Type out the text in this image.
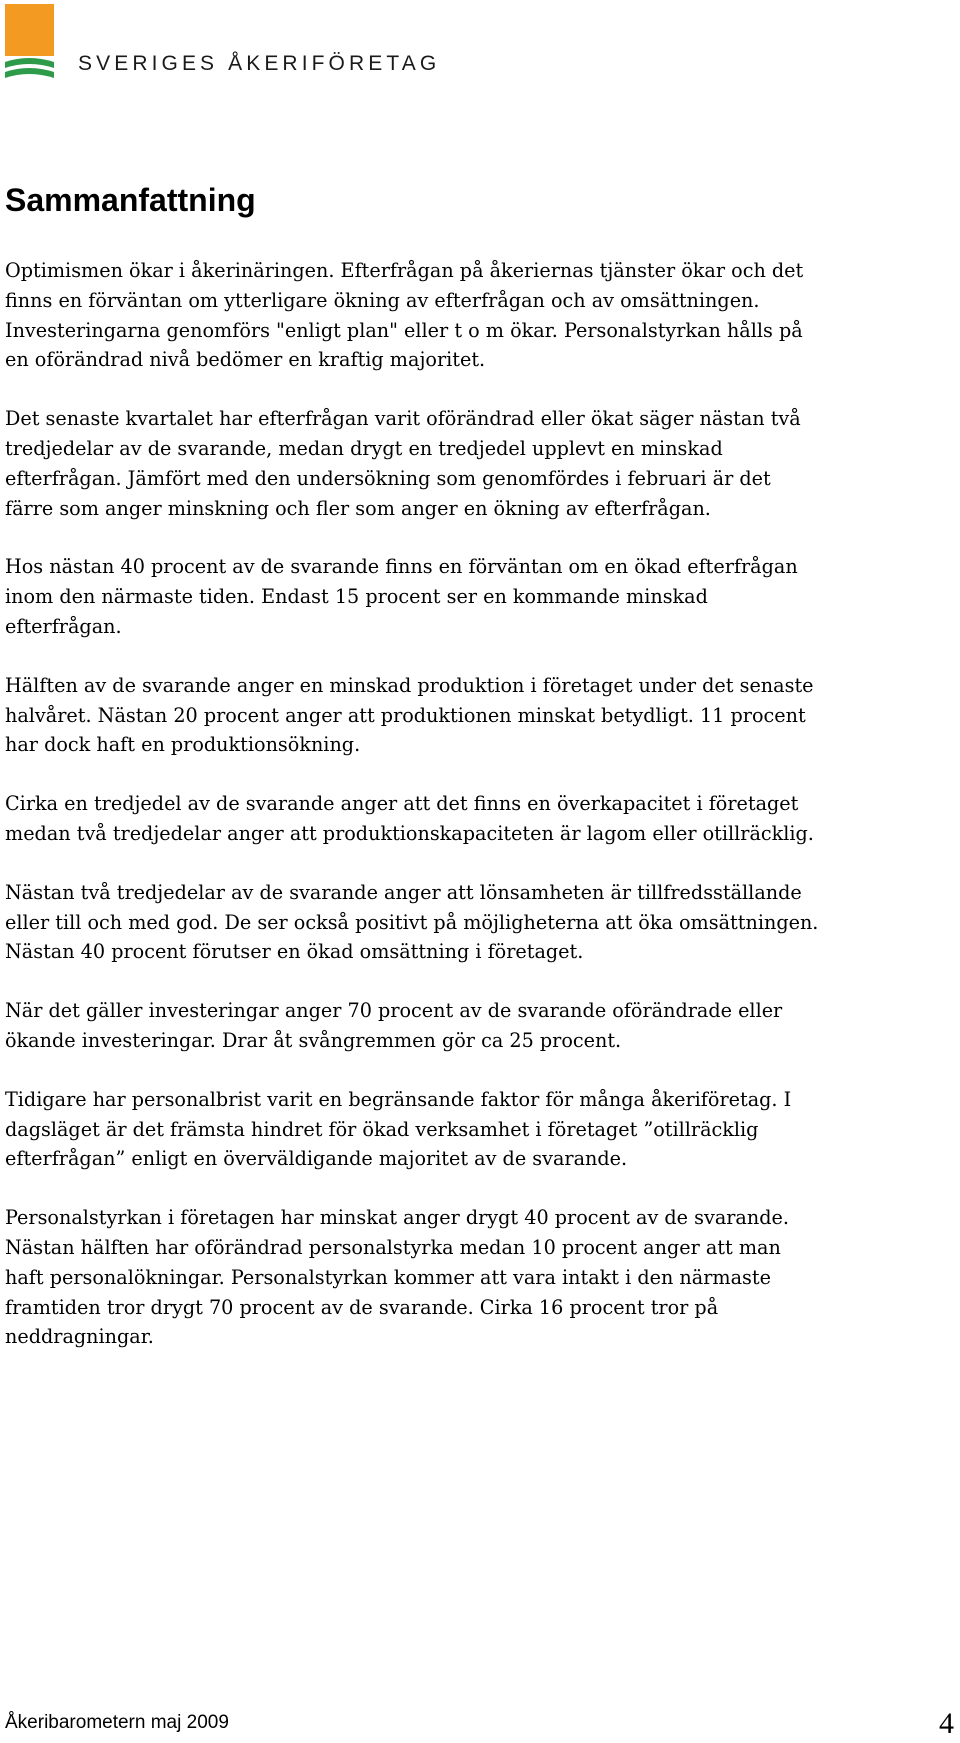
SVERIGES ÅKERIFÖRETAG
Sammanfattning

Optimismen ökar i åkerinäringen. Efterfrågan på åkeriernas tjänster ökar och det
finns en förväntan om ytterligare ökning av efterfrågan och av omsättningen.
Investeringarna genomförs "enligt plan" eller t o m ökar. Personalstyrkan hålls på
en oförändrad nivå bedömer en kraftig majoritet.

Det senaste kvartalet har efterfrågan varit oförändrad eller ökat säger nästan två
tredjedelar av de svarande, medan drygt en tredjedel upplevt en minskad
efterfrågan. Jämfört med den undersökning som genomfördes i februari är det
färre som anger minskning och fler som anger en ökning av efterfrågan.

Hos nästan 40 procent av de svarande finns en förväntan om en ökad efterfrågan
inom den närmaste tiden. Endast 15 procent ser en kommande minskad
efterfrågan.

Hälften av de svarande anger en minskad produktion i företaget under det senaste
halvåret. Nästan 20 procent anger att produktionen minskat betydligt. 11 procent
har dock haft en produktionsökning.

Cirka en tredjedel av de svarande anger att det finns en överkapacitet i företaget
medan två tredjedelar anger att produktionskapaciteten är lagom eller otillräcklig.

Nästan två tredjedelar av de svarande anger att lönsamheten är tillfredsställande
eller till och med god. De ser också positivt på möjligheterna att öka omsättningen.
Nästan 40 procent förutser en ökad omsättning i företaget.

När det gäller investeringar anger 70 procent av de svarande oförändrade eller
ökande investeringar. Drar åt svångremmen gör ca 25 procent.

Tidigare har personalbrist varit en begränsande faktor för många åkeriföretag. I
dagsläget är det främsta hindret för ökad verksamhet i företaget ”otillräcklig
efterfrågan” enligt en överväldigande majoritet av de svarande.

Personalstyrkan i företagen har minskat anger drygt 40 procent av de svarande.
Nästan hälften har oförändrad personalstyrka medan 10 procent anger att man
haft personalökningar. Personalstyrkan kommer att vara intakt i den närmaste
framtiden tror drygt 70 procent av de svarande. Cirka 16 procent tror på
neddragningar.

Åkeribarometern maj 2009	4
